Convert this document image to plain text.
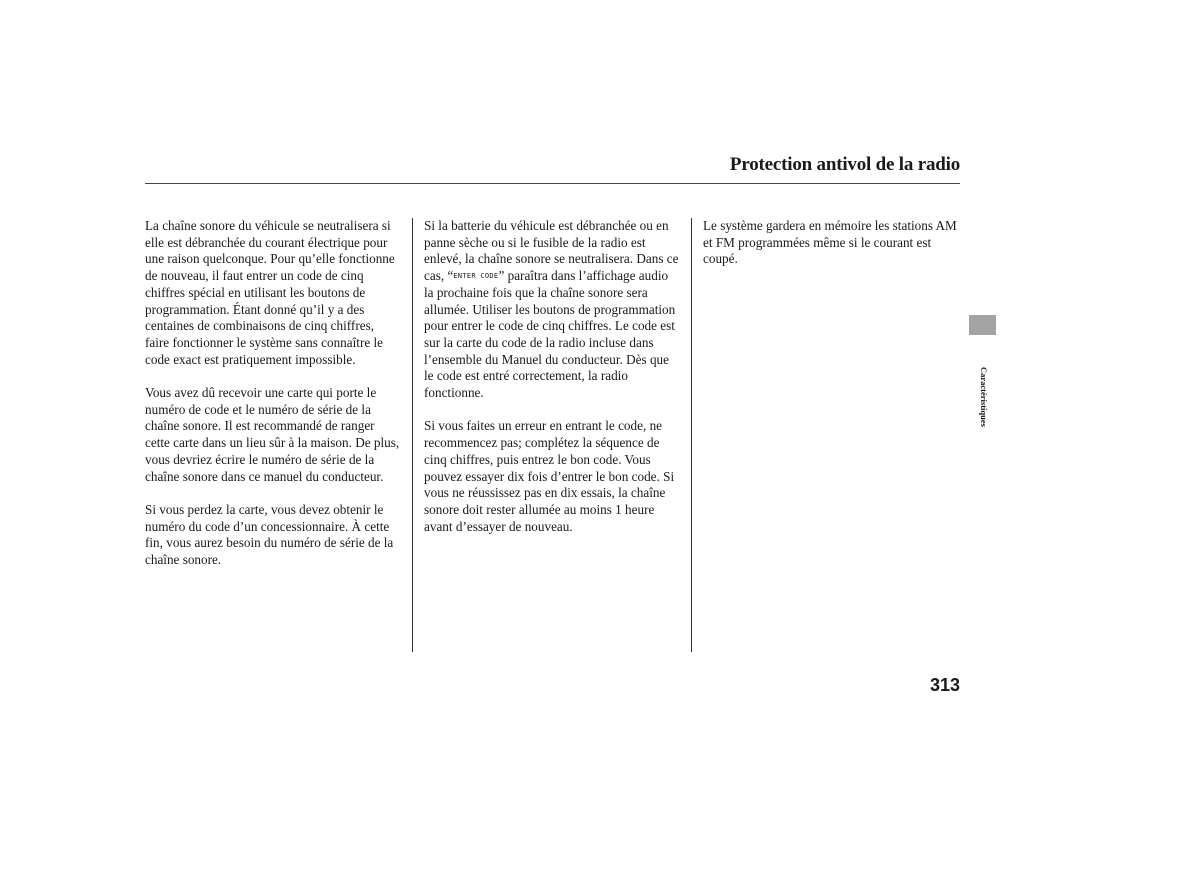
Protection antivol de la radio

La chaîne sonore du véhicule se neutralisera si elle est débranchée du courant électrique pour une raison quelconque. Pour qu’elle fonctionne de nouveau, il faut entrer un code de cinq chiffres spécial en utilisant les boutons de programmation. Étant donné qu’il y a des centaines de combinaisons de cinq chiffres, faire fonctionner le système sans connaître le code exact est pratiquement impossible.

Vous avez dû recevoir une carte qui porte le numéro de code et le numéro de série de la chaîne sonore. Il est recommandé de ranger cette carte dans un lieu sûr à la maison. De plus, vous devriez écrire le numéro de série de la chaîne sonore dans ce manuel du conducteur.

Si vous perdez la carte, vous devez obtenir le numéro du code d’un concessionnaire. À cette fin, vous aurez besoin du numéro de série de la chaîne sonore.

Si la batterie du véhicule est débranchée ou en panne sèche ou si le fusible de la radio est enlevé, la chaîne sonore se neutralisera. Dans ce cas, “ENTER CODE” paraîtra dans l’affichage audio la prochaine fois que la chaîne sonore sera allumée. Utiliser les boutons de programmation pour entrer le code de cinq chiffres. Le code est sur la carte du code de la radio incluse dans l’ensemble du Manuel du conducteur. Dès que le code est entré correctement, la radio fonctionne.

Si vous faites un erreur en entrant le code, ne recommencez pas; complétez la séquence de cinq chiffres, puis entrez le bon code. Vous pouvez essayer dix fois d’entrer le bon code. Si vous ne réussissez pas en dix essais, la chaîne sonore doit rester allumée au moins 1 heure avant d’essayer de nouveau.

Le système gardera en mémoire les stations AM et FM programmées même si le courant est coupé.

Caractéristiques
313
